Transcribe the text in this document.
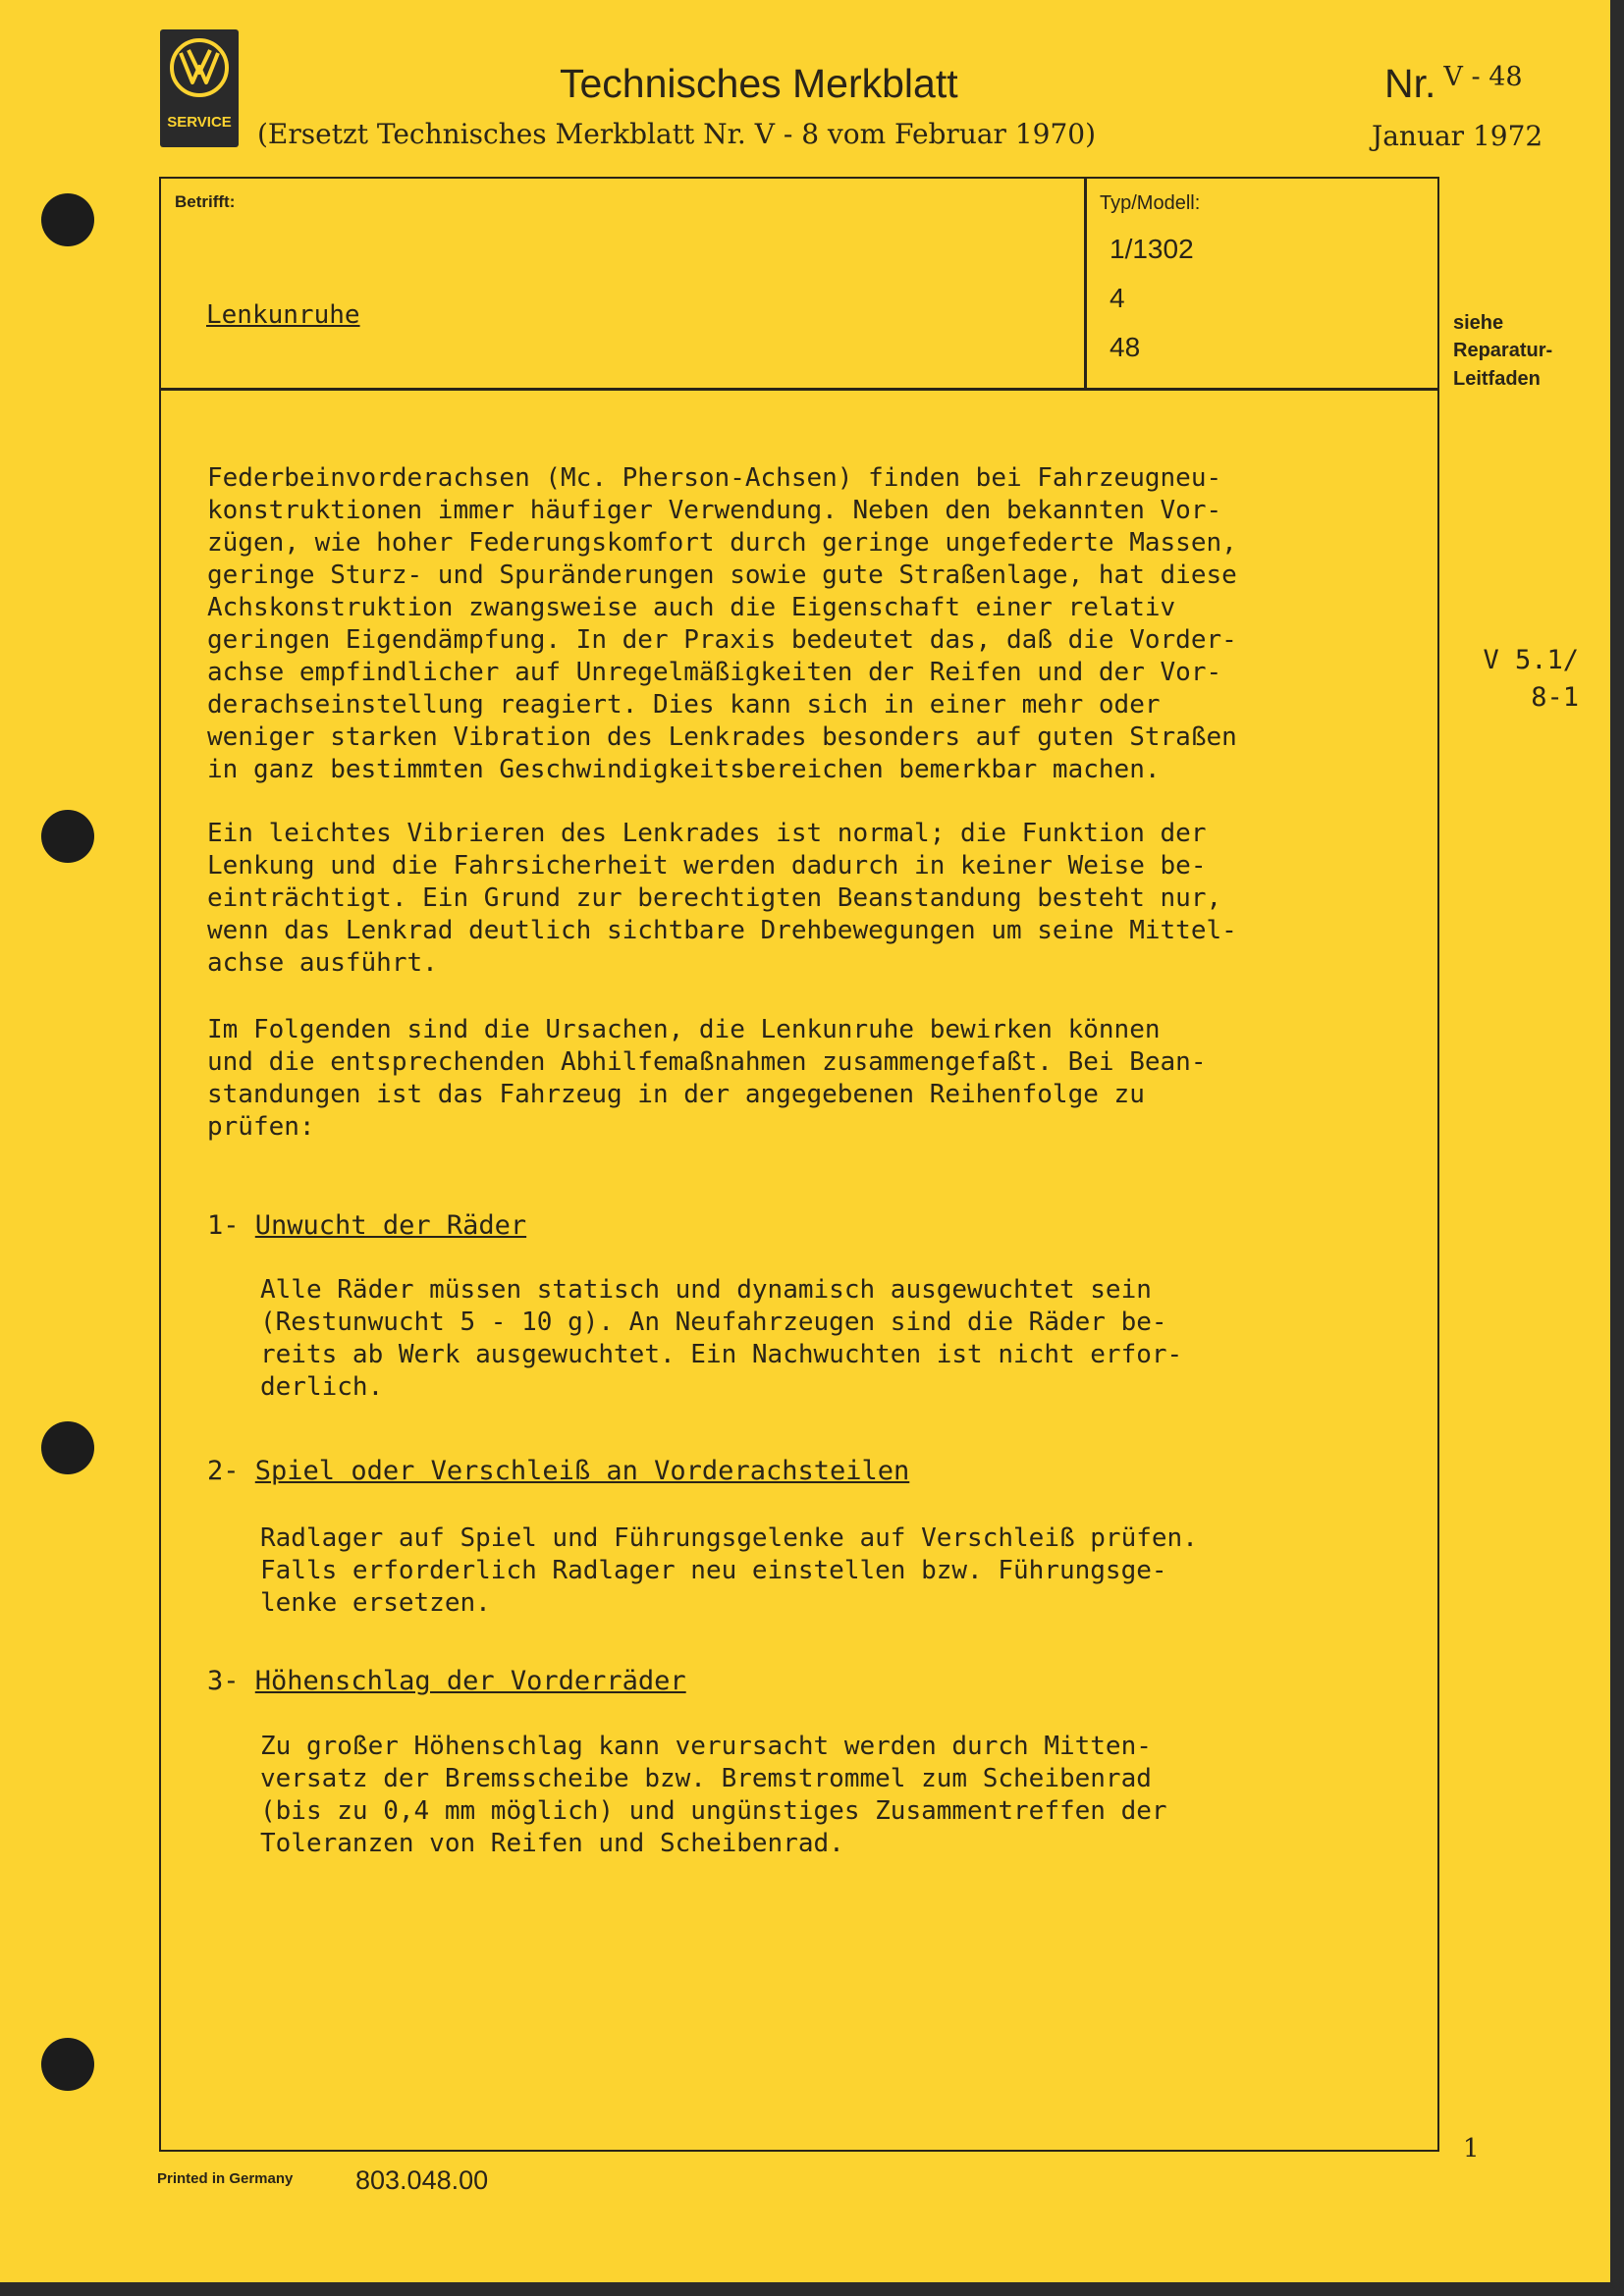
SERVICE
Technisches Merkblatt
(Ersetzt Technisches Merkblatt Nr. V - 8 vom Februar 1970)
Nr. V - 48
Januar 1972
Betrifft:
Lenkunruhe
Typ/Modell:
1/1302
4
48
siehe
Reparatur-
Leitfaden
V 5.1/
8-1
Federbeinvorderachsen (Mc. Pherson-Achsen) finden bei Fahrzeugneu-
konstruktionen immer häufiger Verwendung. Neben den bekannten Vor-
zügen, wie hoher Federungskomfort durch geringe ungefederte Massen,
geringe Sturz- und Spuränderungen sowie gute Straßenlage, hat diese
Achskonstruktion zwangsweise auch die Eigenschaft einer relativ
geringen Eigendämpfung. In der Praxis bedeutet das, daß die Vorder-
achse empfindlicher auf Unregelmäßigkeiten der Reifen und der Vor-
derachseinstellung reagiert. Dies kann sich in einer mehr oder
weniger starken Vibration des Lenkrades besonders auf guten Straßen
in ganz bestimmten Geschwindigkeitsbereichen bemerkbar machen.
Ein leichtes Vibrieren des Lenkrades ist normal; die Funktion der
Lenkung und die Fahrsicherheit werden dadurch in keiner Weise be-
einträchtigt. Ein Grund zur berechtigten Beanstandung besteht nur,
wenn das Lenkrad deutlich sichtbare Drehbewegungen um seine Mittel-
achse ausführt.
Im Folgenden sind die Ursachen, die Lenkunruhe bewirken können
und die entsprechenden Abhilfemaßnahmen zusammengefaßt. Bei Bean-
standungen ist das Fahrzeug in der angegebenen Reihenfolge zu
prüfen:
1- Unwucht der Räder
Alle Räder müssen statisch und dynamisch ausgewuchtet sein
(Restunwucht 5 - 10 g). An Neufahrzeugen sind die Räder be-
reits ab Werk ausgewuchtet. Ein Nachwuchten ist nicht erfor-
derlich.
2- Spiel oder Verschleiß an Vorderachsteilen
Radlager auf Spiel und Führungsgelenke auf Verschleiß prüfen.
Falls erforderlich Radlager neu einstellen bzw. Führungsge-
lenke ersetzen.
3- Höhenschlag der Vorderräder
Zu großer Höhenschlag kann verursacht werden durch Mitten-
versatz der Bremsscheibe bzw. Bremstrommel zum Scheibenrad
(bis zu 0,4 mm möglich) und ungünstiges Zusammentreffen der
Toleranzen von Reifen und Scheibenrad.
Printed in Germany 803.048.00
1
